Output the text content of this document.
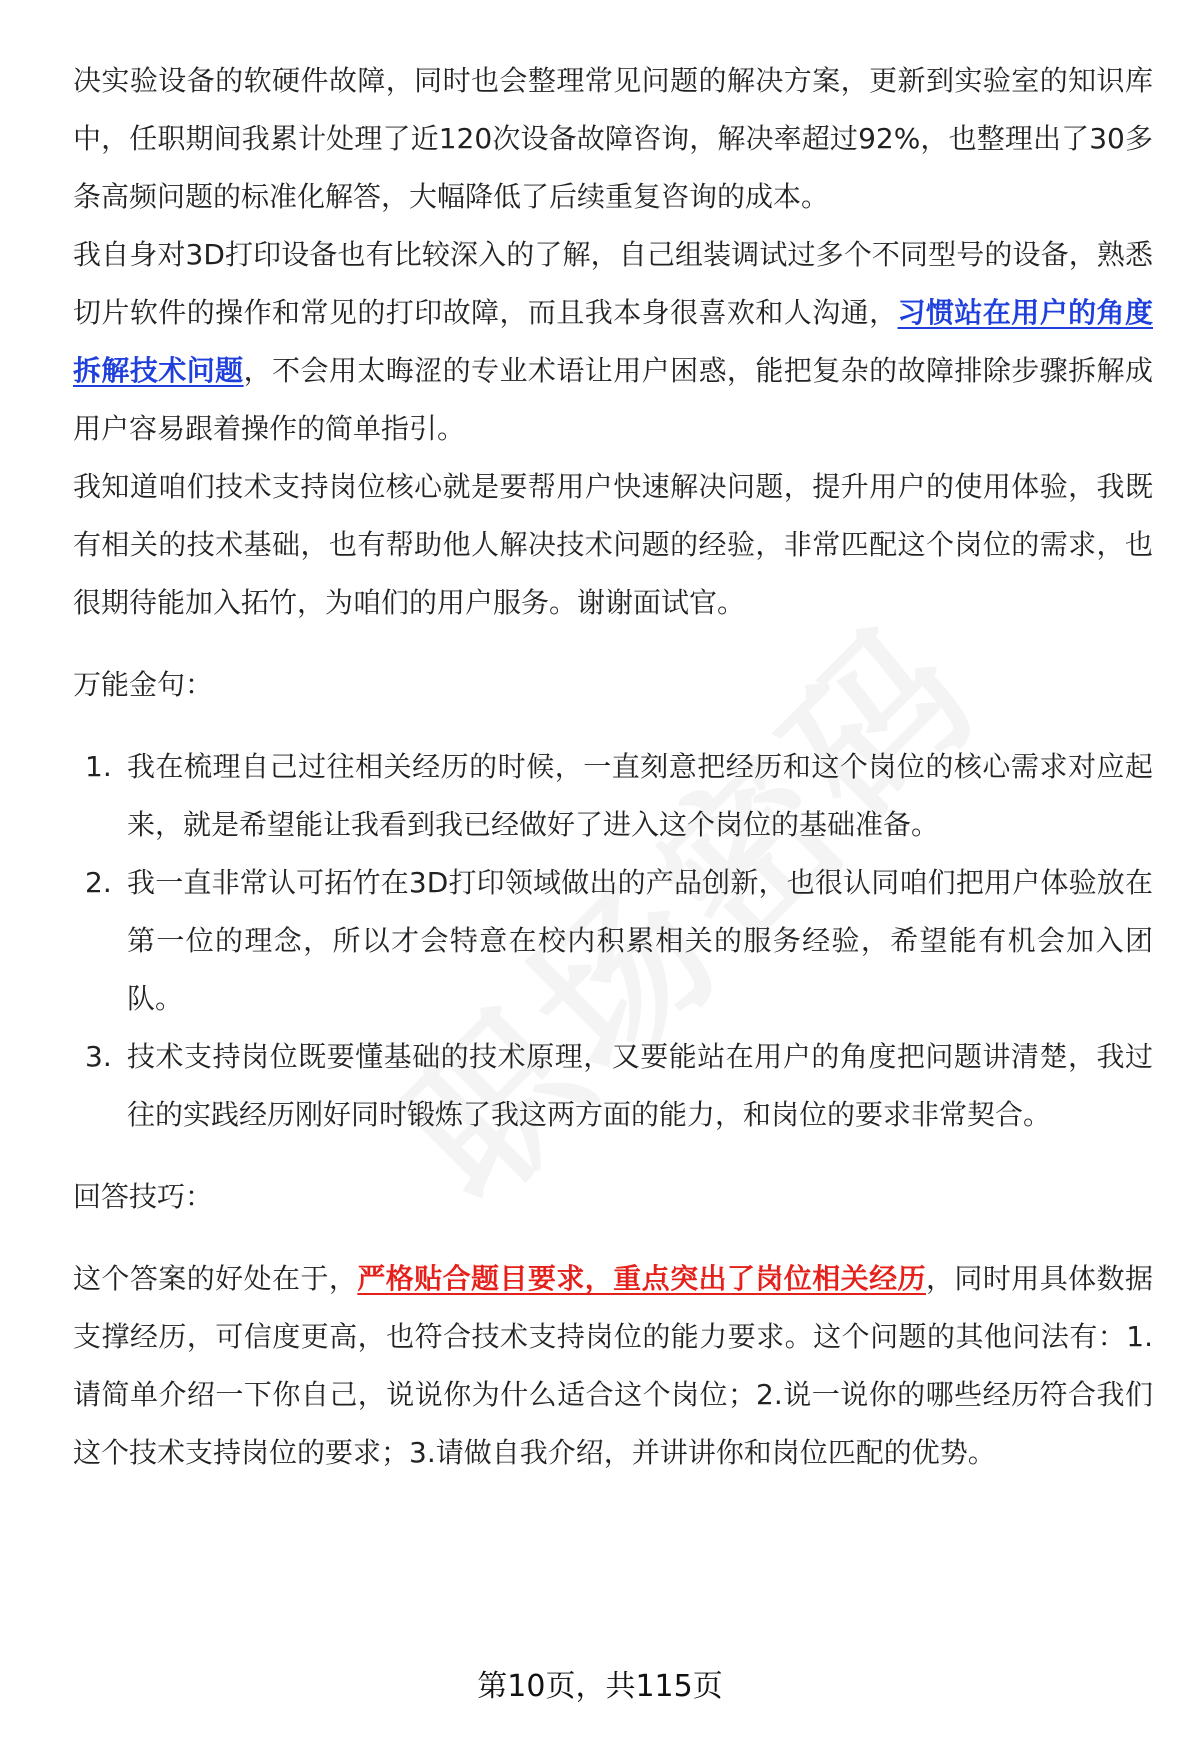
决实验设备的软硬件故障，同时也会整理常见问题的解决方案，更新到实验室的知识库中，任职期间我累计处理了近120次设备故障咨询，解决率超过92%，也整理出了30多条高频问题的标准化解答，大幅降低了后续重复咨询的成本。

我自身对3D打印设备也有比较深入的了解，自己组装调试过多个不同型号的设备，熟悉切片软件的操作和常见的打印故障，而且我本身很喜欢和人沟通，习惯站在用户的角度拆解技术问题，不会用太晦涩的专业术语让用户困惑，能把复杂的故障排除步骤拆解成用户容易跟着操作的简单指引。

我知道咱们技术支持岗位核心就是要帮用户快速解决问题，提升用户的使用体验，我既有相关的技术基础，也有帮助他人解决技术问题的经验，非常匹配这个岗位的需求，也很期待能加入拓竹，为咱们的用户服务。谢谢面试官。

万能金句：

1. 我在梳理自己过往相关经历的时候，一直刻意把经历和这个岗位的核心需求对应起来，就是希望能让我看到我已经做好了进入这个岗位的基础准备。
2. 我一直非常认可拓竹在3D打印领域做出的产品创新，也很认同咱们把用户体验放在第一位的理念，所以才会特意在校内积累相关的服务经验，希望能有机会加入团队。
3. 技术支持岗位既要懂基础的技术原理，又要能站在用户的角度把问题讲清楚，我过往的实践经历刚好同时锻炼了我这两方面的能力，和岗位的要求非常契合。

回答技巧：

这个答案的好处在于，严格贴合题目要求，重点突出了岗位相关经历，同时用具体数据支撑经历，可信度更高，也符合技术支持岗位的能力要求。这个问题的其他问法有：1.请简单介绍一下你自己，说说你为什么适合这个岗位；2.说一说你的哪些经历符合我们这个技术支持岗位的要求；3.请做自我介绍，并讲讲你和岗位匹配的优势。

第10页，共115页
